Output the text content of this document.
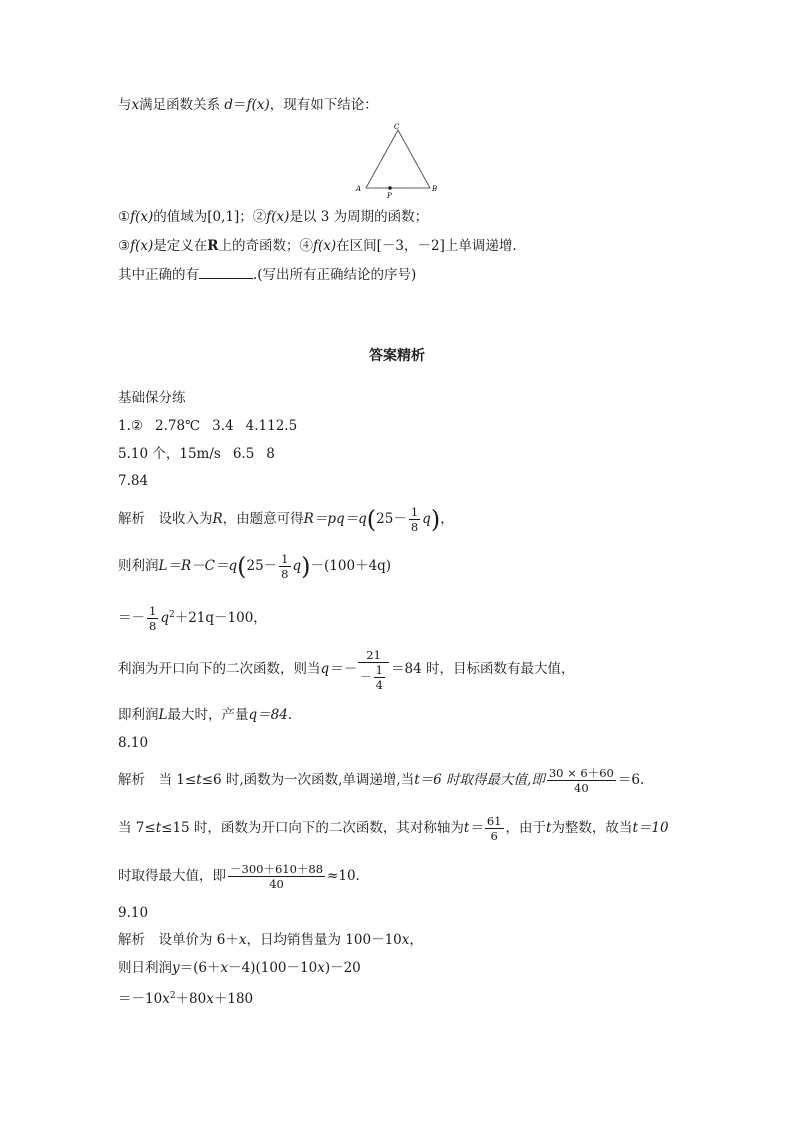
与x满足函数关系 d＝f(x)，现有如下结论：
C
A	B
P
①f(x)的值域为[0,1]；②f(x)是以 3 为周期的函数；
③f(x)是定义在R上的奇函数；④f(x)在区间[－3，－2]上单调递增.
其中正确的有	.(写出所有正确结论的序号)
答案精析
基础保分练
1.② 2.78℃ 3.4 4.112.5
5.10 个，15m/s 6.5 8
7.84
解析　设收入为R，由题意可得$R=pq=q(25- \frac{1}{8} q)$，
则利润$L=R-C=q(25- \frac{1}{8} q)-(100+4q)$
＝－ $\frac{1}{8} q^2+21q-100$，
利润为开口向下的二次函数，则当$q=- \frac{21}{- \frac{1}{4}} =84$ 时，目标函数有最大值，
即利润L最大时，产量q＝84.
8.10
解析　当 1≤t≤6 时,函数为一次函数,单调递增,当t＝6 时取得最大值,即 $\frac{30 \times 6+60}{40} =6$.
当 7≤t≤15 时，函数为开口向下的二次函数，其对称轴为$t= \frac{61}{6}$ ，由于t为整数，故当t＝10
时取得最大值，即 $\frac{-300+610+88}{40} \approx 10$.
9.10
解析　设单价为 6＋x，日均销售量为 100－10x，
则日利润y＝(6＋x－4)(100－10x)－20
$=-10x^2+80x+180$
